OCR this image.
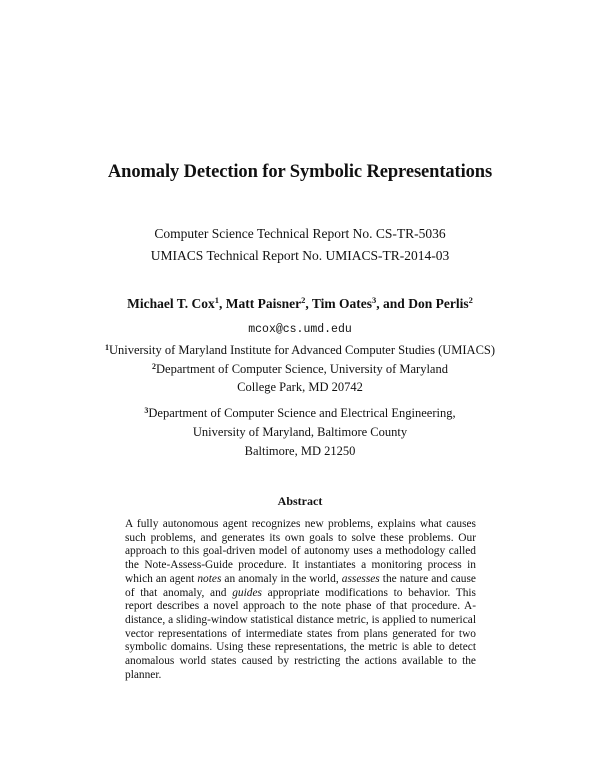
Anomaly Detection for Symbolic Representations
Computer Science Technical Report No. CS-TR-5036
UMIACS Technical Report No. UMIACS-TR-2014-03
Michael T. Cox$^1$, Matt Paisner$^2$, Tim Oates$^3$, and Don Perlis$^2$
mcox@cs.umd.edu
$^1$University of Maryland Institute for Advanced Computer Studies (UMIACS)
$^2$Department of Computer Science, University of Maryland
College Park, MD 20742
$^3$Department of Computer Science and Electrical Engineering,
University of Maryland, Baltimore County
Baltimore, MD 21250
Abstract
A fully autonomous agent recognizes new problems, explains what causes such problems, and generates its own goals to solve these problems. Our approach to this goal-driven model of autonomy uses a methodology called the Note-Assess-Guide procedure. It instantiates a monitoring process in which an agent notes an anomaly in the world, assesses the nature and cause of that anomaly, and guides appropriate modifications to behavior. This report describes a novel approach to the note phase of that procedure. A-distance, a sliding-window statistical distance metric, is applied to numerical vector representations of intermediate states from plans generated for two symbolic domains. Using these representations, the metric is able to detect anomalous world states caused by restricting the actions available to the planner.
